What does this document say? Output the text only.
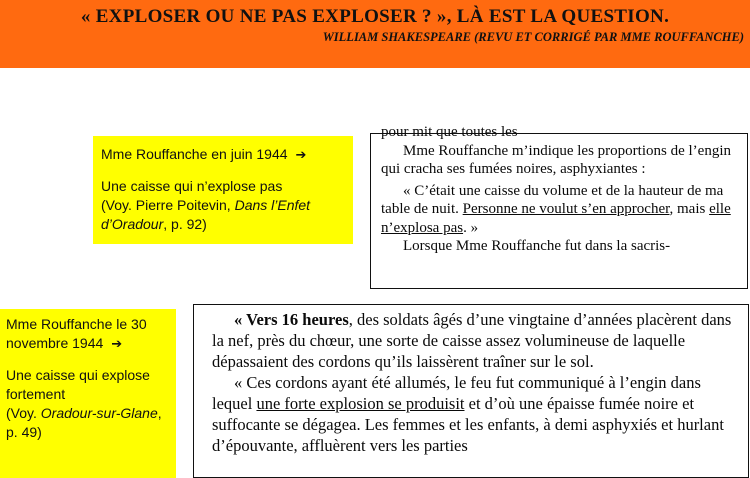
« EXPLOSER OU NE PAS EXPLOSER ? », LÀ EST LA QUESTION.

WILLIAM SHAKESPEARE (REVU ET CORRIGÉ PAR MME ROUFFANCHE)

Mme Rouffanche en juin 1944 ➔

Une caisse qui n’explose pas

(Voy. Pierre Poitevin, Dans l’Enfet d’Oradour, p. 92)

pour mit que toutes les

Mme Rouffanche m’indique les proportions de l’engin qui cracha ses fumées noires, asphyxiantes :

« C’était une caisse du volume et de la hauteur de ma table de nuit. Personne ne voulut s’en approcher, mais elle n’explosa pas. »

Lorsque Mme Rouffanche fut dans la sacris-

Mme Rouffanche le 30 novembre 1944 ➔

Une caisse qui explose fortement

(Voy. Oradour-sur-Glane, p. 49)

« Vers 16 heures, des soldats âgés d’une vingtaine d’années placèrent dans la nef, près du chœur, une sorte de caisse assez volumineuse de laquelle dépassaient des cordons qu’ils laissèrent traîner sur le sol.

« Ces cordons ayant été allumés, le feu fut communiqué à l’engin dans lequel une forte explosion se produisit et d’où une épaisse fumée noire et suffocante se dégagea. Les femmes et les enfants, à demi asphyxiés et hurlant d’épouvante, affluèrent vers les parties
